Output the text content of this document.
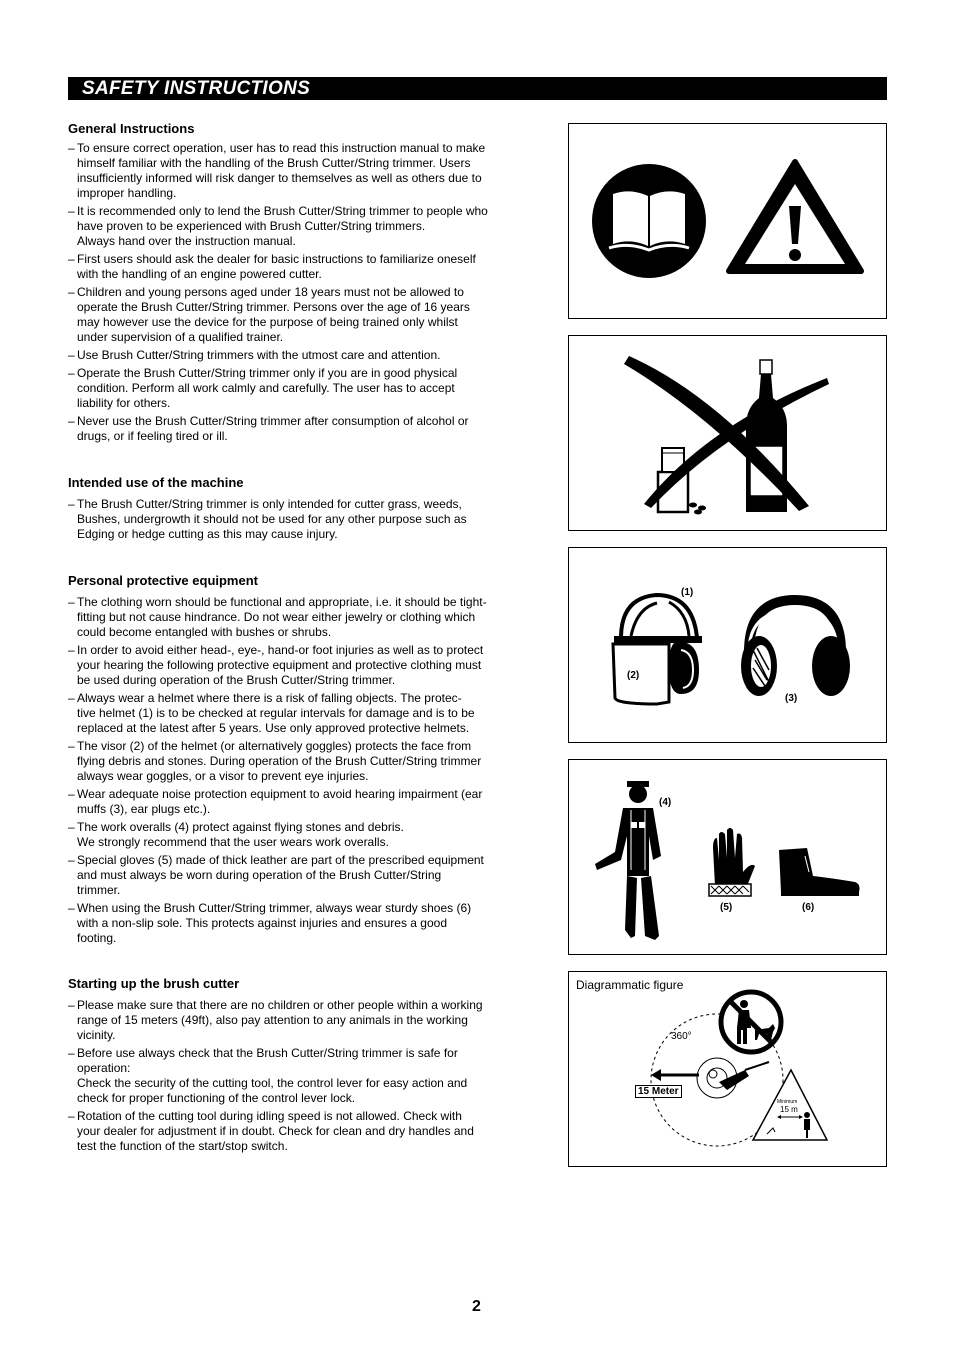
SAFETY INSTRUCTIONS
General Instructions
– To ensure correct operation, user has to read this instruction manual to make
himself familiar with the handling of the Brush Cutter/String trimmer. Users
insufficiently informed will risk danger to themselves as well as others due to
improper handling.
– It is recommended only to lend the Brush Cutter/String trimmer to people who
have proven to be experienced with Brush Cutter/String trimmers.
Always hand over the instruction manual.
– First users should ask the dealer for basic instructions to familiarize oneself
with the handling of an engine powered cutter.
– Children and young persons aged under 18 years must not be allowed to
operate the Brush Cutter/String trimmer. Persons over the age of 16 years
may however use the device for the purpose of being trained only whilst
under supervision of a qualified trainer.
– Use Brush Cutter/String trimmers with the utmost care and attention.
– Operate the Brush Cutter/String trimmer only if you are in good physical
condition. Perform all work calmly and carefully. The user has to accept
liability for others.
– Never use the Brush Cutter/String trimmer after consumption of alcohol or
drugs, or if feeling tired or ill.
Intended use of the machine
– The Brush Cutter/String trimmer is only intended for cutter grass, weeds,
Bushes, undergrowth it should not be used for any other purpose such as
Edging or hedge cutting as this may cause injury.
Personal protective equipment
– The clothing worn should be functional and appropriate, i.e. it should be tight-
fitting but not cause hindrance. Do not wear either jewelry or clothing which
could become entangled with bushes or shrubs.
– In order to avoid either head-, eye-, hand-or foot injuries as well as to protect
your hearing the following protective equipment and protective clothing must
be used during operation of the Brush Cutter/String trimmer.
– Always wear a helmet where there is a risk of falling objects. The protec-
tive helmet (1) is to be checked at regular intervals for damage and is to be
replaced at the latest after 5 years. Use only approved protective helmets.
– The visor (2) of the helmet (or alternatively goggles) protects the face from
flying debris and stones. During operation of the Brush Cutter/String trimmer
always wear goggles, or a visor to prevent eye injuries.
– Wear adequate noise protection equipment to avoid hearing impairment (ear
muffs (3), ear plugs etc.).
– The work overalls (4) protect against flying stones and debris.
We strongly recommend that the user wears work overalls.
– Special gloves (5) made of thick leather are part of the prescribed equipment
and must always be worn during operation of the Brush Cutter/String
trimmer.
– When using the Brush Cutter/String trimmer, always wear sturdy shoes (6)
with a non-slip sole. This protects against injuries and ensures a good
footing.
Starting up the brush cutter
– Please make sure that there are no children or other people within a working
range of 15 meters (49ft), also pay attention to any animals in the working
vicinity.
– Before use always check that the Brush Cutter/String trimmer is safe for
operation:
Check the security of the cutting tool, the control lever for easy action and
check for proper functioning of the control lever lock.
– Rotation of the cutting tool during idling speed is not allowed. Check with
your dealer for adjustment if in doubt. Check for clean and dry handles and
test the function of the start/stop switch.
(1)
(2)
(3)
(4)
(5)	(6)
Diagrammatic figure
360°
15 Meter
Minimum
15 m
2
